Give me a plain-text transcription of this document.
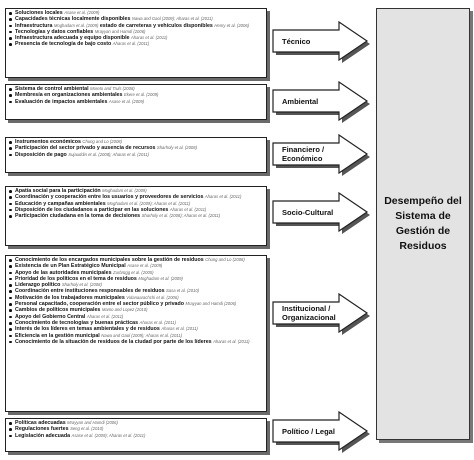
Soluciones locales Asase et al. (2009)
Capacidades técnicas localmente disponibles Nawa and Gaol (2009); Aharas et al. (2011)
Infraestructura Moghadam et al. (2009) estado de carreteras y vehículos disponibles Henry et al. (2006)
Tecnologías y datos confiables Mrayyan and Hamdi (2006)
Infraestructura adecuada y equipo disponible Aharas et al. (2011)
Presencia de tecnología de bajo costo Aharas et al. (2011)	Técnico
Sistema de control ambiental Moreto and Truls (2008)
Membresía en organizaciones ambientales Ekere et al. (2009)
Evaluación de impactos ambientales Asase et al. (2009)	Ambiental
Instrumentos económicos Chung and Lo (2008)
Participación del sector privado y ausencia de recursos Sharholy et al. (2008)
Disposición de pago Sujauddin et al. (2008); Aharas et al. (2011)
Financiero / Económico
Apatía social para la participación Moghadam et al. (2009)
Coordinación y cooperación entre los usuarios y proveedores de servicios Aharas et al. (2011)
Educación y campañas ambientales Moghadam et al. (2009); Aharas et al. (2011)
Disposición de los ciudadanos a participar en las soluciones Aharas et al. (2011)
Participación ciudadana en la toma de decisiones Sharholy et al. (2008); Aharas et al. (2011)	Socio-Cultural
Conocimiento de los encargados municipales sobre la gestión de residuos Chung and Lo (2008)
Existencia de un Plan Estratégico Municipal Asase et al. (2009)
Apoyo de las autoridades municipales Zurbrügg et al. (2005)
Prioridad de los políticos en el tema de residuos Moghadam et al. (2009)
Liderazgo político Sharholy et al. (2008)
Coordinación entre instituciones responsables de residuos Sasa et al. (2010)
Motivación de los trabajadores municipales Vidanaarachchi et al. (2006)
Personal capacitado, cooperación entre el sector público y privado Mrayyan and Hamdi (2006)
Cambios de políticos municipales Mamo and Lopez (2010)
Apoyo del Gobierno Central Aharas et al. (2011)
Conocimiento de tecnologías y buenas prácticas Aharas et al. (2011)
Interés de los líderes en temas ambientales y de residuos Aharas et al. (2011)
Eficiencia en la gestión municipal Nawa and Gaol (2009); Aharas et al. (2011)
Conocimiento de la situación de residuos de la ciudad por parte de los líderes Aharas et al. (2011)
Institucional / Organizacional
Políticas adecuadas Mrayyan and Hamdi (2006)
Regulaciones fuertes Seng et al. (2010)
Legislación adecuada Asase et al. (2009); Aharas et al. (2011)	Político / Legal
Desempeño del Sistema de Gestión de Residuos
